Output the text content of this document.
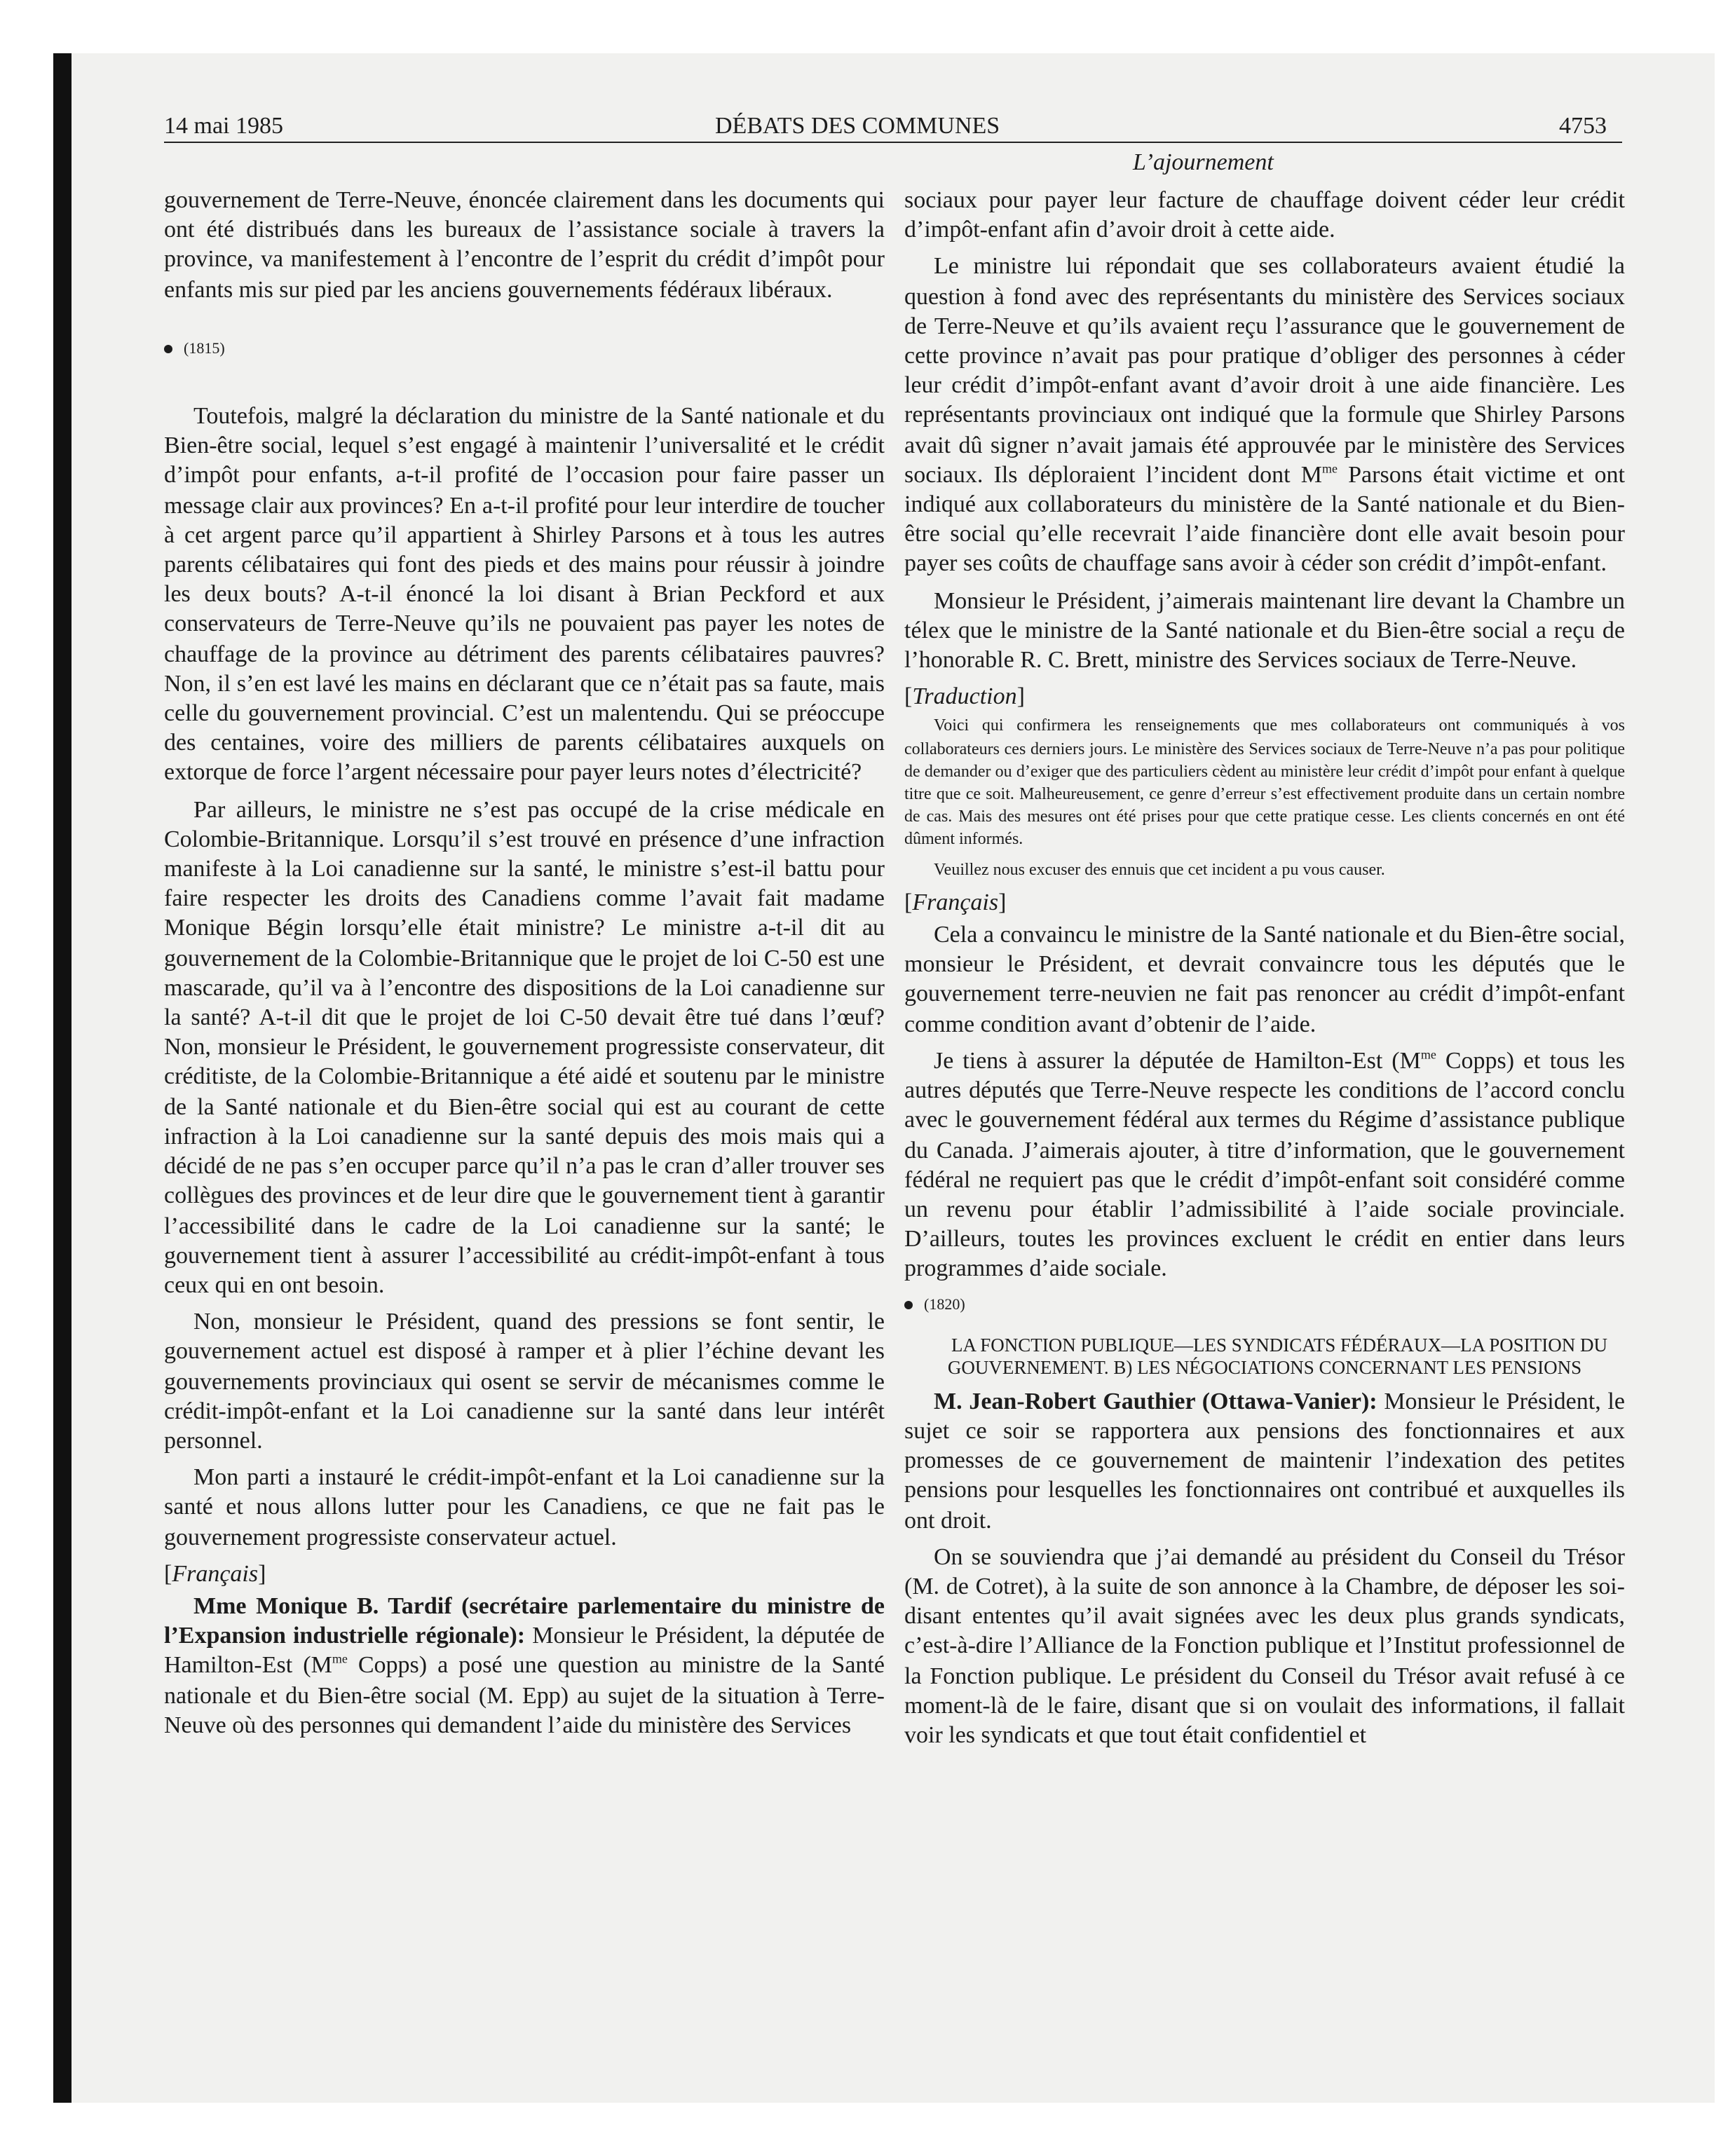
14 mai 1985	DÉBATS DES COMMUNES	4753
L’ajournement

gouvernement de Terre-Neuve, énoncée clairement dans les documents qui ont été distribués dans les bureaux de l’assistance sociale à travers la province, va manifestement à l’encontre de l’esprit du crédit d’impôt pour enfants mis sur pied par les anciens gouvernements fédéraux libéraux.

(1815)

Toutefois, malgré la déclaration du ministre de la Santé nationale et du Bien-être social, lequel s’est engagé à maintenir l’universalité et le crédit d’impôt pour enfants, a-t-il profité de l’occasion pour faire passer un message clair aux provinces? En a-t-il profité pour leur interdire de toucher à cet argent parce qu’il appartient à Shirley Parsons et à tous les autres parents célibataires qui font des pieds et des mains pour réussir à joindre les deux bouts? A-t-il énoncé la loi disant à Brian Peckford et aux conservateurs de Terre-Neuve qu’ils ne pouvaient pas payer les notes de chauffage de la province au détriment des parents célibataires pauvres? Non, il s’en est lavé les mains en déclarant que ce n’était pas sa faute, mais celle du gouvernement provincial. C’est un malentendu. Qui se préoccupe des centaines, voire des milliers de parents célibataires auxquels on extorque de force l’argent nécessaire pour payer leurs notes d’électricité?

Par ailleurs, le ministre ne s’est pas occupé de la crise médicale en Colombie-Britannique. Lorsqu’il s’est trouvé en présence d’une infraction manifeste à la Loi canadienne sur la santé, le ministre s’est-il battu pour faire respecter les droits des Canadiens comme l’avait fait madame Monique Bégin lorsqu’elle était ministre? Le ministre a-t-il dit au gouvernement de la Colombie-Britannique que le projet de loi C-50 est une mascarade, qu’il va à l’encontre des dispositions de la Loi canadienne sur la santé? A-t-il dit que le projet de loi C-50 devait être tué dans l’œuf? Non, monsieur le Président, le gouvernement progressiste conservateur, dit créditiste, de la Colombie-Britannique a été aidé et soutenu par le ministre de la Santé nationale et du Bien-être social qui est au courant de cette infraction à la Loi canadienne sur la santé depuis des mois mais qui a décidé de ne pas s’en occuper parce qu’il n’a pas le cran d’aller trouver ses collègues des provinces et de leur dire que le gouvernement tient à garantir l’accessibilité dans le cadre de la Loi canadienne sur la santé; le gouvernement tient à assurer l’accessibilité au crédit-impôt-enfant à tous ceux qui en ont besoin.

Non, monsieur le Président, quand des pressions se font sentir, le gouvernement actuel est disposé à ramper et à plier l’échine devant les gouvernements provinciaux qui osent se servir de mécanismes comme le crédit-impôt-enfant et la Loi canadienne sur la santé dans leur intérêt personnel.

Mon parti a instauré le crédit-impôt-enfant et la Loi canadienne sur la santé et nous allons lutter pour les Canadiens, ce que ne fait pas le gouvernement progressiste conservateur actuel.

[Français]

Mme Monique B. Tardif (secrétaire parlementaire du ministre de l’Expansion industrielle régionale): Monsieur le Président, la députée de Hamilton-Est ($M^{me}$ Copps) a posé une question au ministre de la Santé nationale et du Bien-être social (M. Epp) au sujet de la situation à Terre-Neuve où des personnes qui demandent l’aide du ministère des Services

sociaux pour payer leur facture de chauffage doivent céder leur crédit d’impôt-enfant afin d’avoir droit à cette aide.

Le ministre lui répondait que ses collaborateurs avaient étudié la question à fond avec des représentants du ministère des Services sociaux de Terre-Neuve et qu’ils avaient reçu l’assurance que le gouvernement de cette province n’avait pas pour pratique d’obliger des personnes à céder leur crédit d’impôt-enfant avant d’avoir droit à une aide financière. Les représentants provinciaux ont indiqué que la formule que Shirley Parsons avait dû signer n’avait jamais été approuvée par le ministère des Services sociaux. Ils déploraient l’incident dont $M^{me}$ Parsons était victime et ont indiqué aux collaborateurs du ministère de la Santé nationale et du Bien-être social qu’elle recevrait l’aide financière dont elle avait besoin pour payer ses coûts de chauffage sans avoir à céder son crédit d’impôt-enfant.

Monsieur le Président, j’aimerais maintenant lire devant la Chambre un télex que le ministre de la Santé nationale et du Bien-être social a reçu de l’honorable R. C. Brett, ministre des Services sociaux de Terre-Neuve.

[Traduction]

Voici qui confirmera les renseignements que mes collaborateurs ont communiqués à vos collaborateurs ces derniers jours. Le ministère des Services sociaux de Terre-Neuve n’a pas pour politique de demander ou d’exiger que des particuliers cèdent au ministère leur crédit d’impôt pour enfant à quelque titre que ce soit. Malheureusement, ce genre d’erreur s’est effectivement produite dans un certain nombre de cas. Mais des mesures ont été prises pour que cette pratique cesse. Les clients concernés en ont été dûment informés.

Veuillez nous excuser des ennuis que cet incident a pu vous causer.

[Français]

Cela a convaincu le ministre de la Santé nationale et du Bien-être social, monsieur le Président, et devrait convaincre tous les députés que le gouvernement terre-neuvien ne fait pas renoncer au crédit d’impôt-enfant comme condition avant d’obtenir de l’aide.

Je tiens à assurer la députée de Hamilton-Est ($M^{me}$ Copps) et tous les autres députés que Terre-Neuve respecte les conditions de l’accord conclu avec le gouvernement fédéral aux termes du Régime d’assistance publique du Canada. J’aimerais ajouter, à titre d’information, que le gouvernement fédéral ne requiert pas que le crédit d’impôt-enfant soit considéré comme un revenu pour établir l’admissibilité à l’aide sociale provinciale. D’ailleurs, toutes les provinces excluent le crédit en entier dans leurs programmes d’aide sociale.

(1820)

LA FONCTION PUBLIQUE—LES SYNDICATS FÉDÉRAUX—LA POSITION DU GOUVERNEMENT. B) LES NÉGOCIATIONS CONCERNANT LES PENSIONS

M. Jean-Robert Gauthier (Ottawa-Vanier): Monsieur le Président, le sujet ce soir se rapportera aux pensions des fonctionnaires et aux promesses de ce gouvernement de maintenir l’indexation des petites pensions pour lesquelles les fonctionnaires ont contribué et auxquelles ils ont droit.

On se souviendra que j’ai demandé au président du Conseil du Trésor (M. de Cotret), à la suite de son annonce à la Chambre, de déposer les soi-disant ententes qu’il avait signées avec les deux plus grands syndicats, c’est-à-dire l’Alliance de la Fonction publique et l’Institut professionnel de la Fonction publique. Le président du Conseil du Trésor avait refusé à ce moment-là de le faire, disant que si on voulait des informations, il fallait voir les syndicats et que tout était confidentiel et
